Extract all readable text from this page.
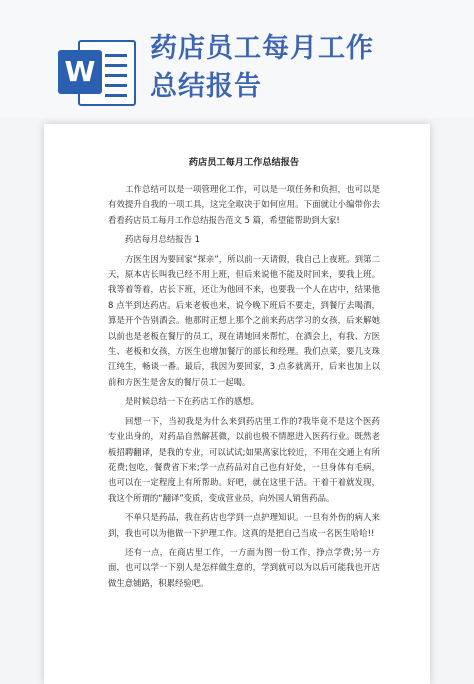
W
药店员工每月工作
总结报告
药店员工每月工作总结报告

工作总结可以是一项管理化工作，可以是一项任务和负担，也可以是有效提升自我的一项工具，这完全取决于如何应用。下面就让小编带你去看看药店员工每月工作总结报告范文 5 篇，希望能帮助到大家!

药店每月总结报告 1

方医生因为要回家“探亲”，所以前一天请假，我自己上夜班。到第二天，原本店长叫我已经不用上班，但后来说他不能及时回来，要我上班。我等着等着，店长下班，还让为他回不来，也要我一个人在店中，结果他 8 点半到达药店。后来老板也来，说今晚下班后不要走，到餐厅去喝酒，算是开个告别酒会。他那时正想上那个之前来药店学习的女孩，后来解她以前也是老板在餐厅的员工，现在请她回来帮忙，在酒会上，有我、方医生、老板和女孩，方医生也增加餐厅的部长和经理。我们点菜，要几支珠江纯生，畅谈一番。最后，我因为要回家，3 点多就离开，后来也加上以前和方医生是舍友的餐厅员工一起喝。

是时候总结一下在药店工作的感想。

回想一下，当初我是为什么来到药店里工作的?我毕竟不是这个医药专业出身的，对药品自然解甚微，以前也极不情愿进入医药行业。既然老板招聘翻译，是我的专业，可以试试;如果离家比较近，不用在交通上有所花费;包吃，餐费省下来;学一点药品对自己也有好处，一旦身体有毛病，也可以在一定程度上有所帮助。好吧，就在这里干活。干着干着就发现，我这个所谓的“翻译”变质，变成营业员，向外国人销售药品。

不单只是药品，我在药店也学到一点护理知识。一旦有外伤的病人来到，我也可以为他做一下护理工作。这真的是把自己当成一名医生哈哈!!

还有一点，在商店里工作，一方面为图一份工作，挣点学费;另一方面，也可以学一下别人是怎样做生意的，学到就可以为以后可能我也开店做生意铺路，积累经验吧。
